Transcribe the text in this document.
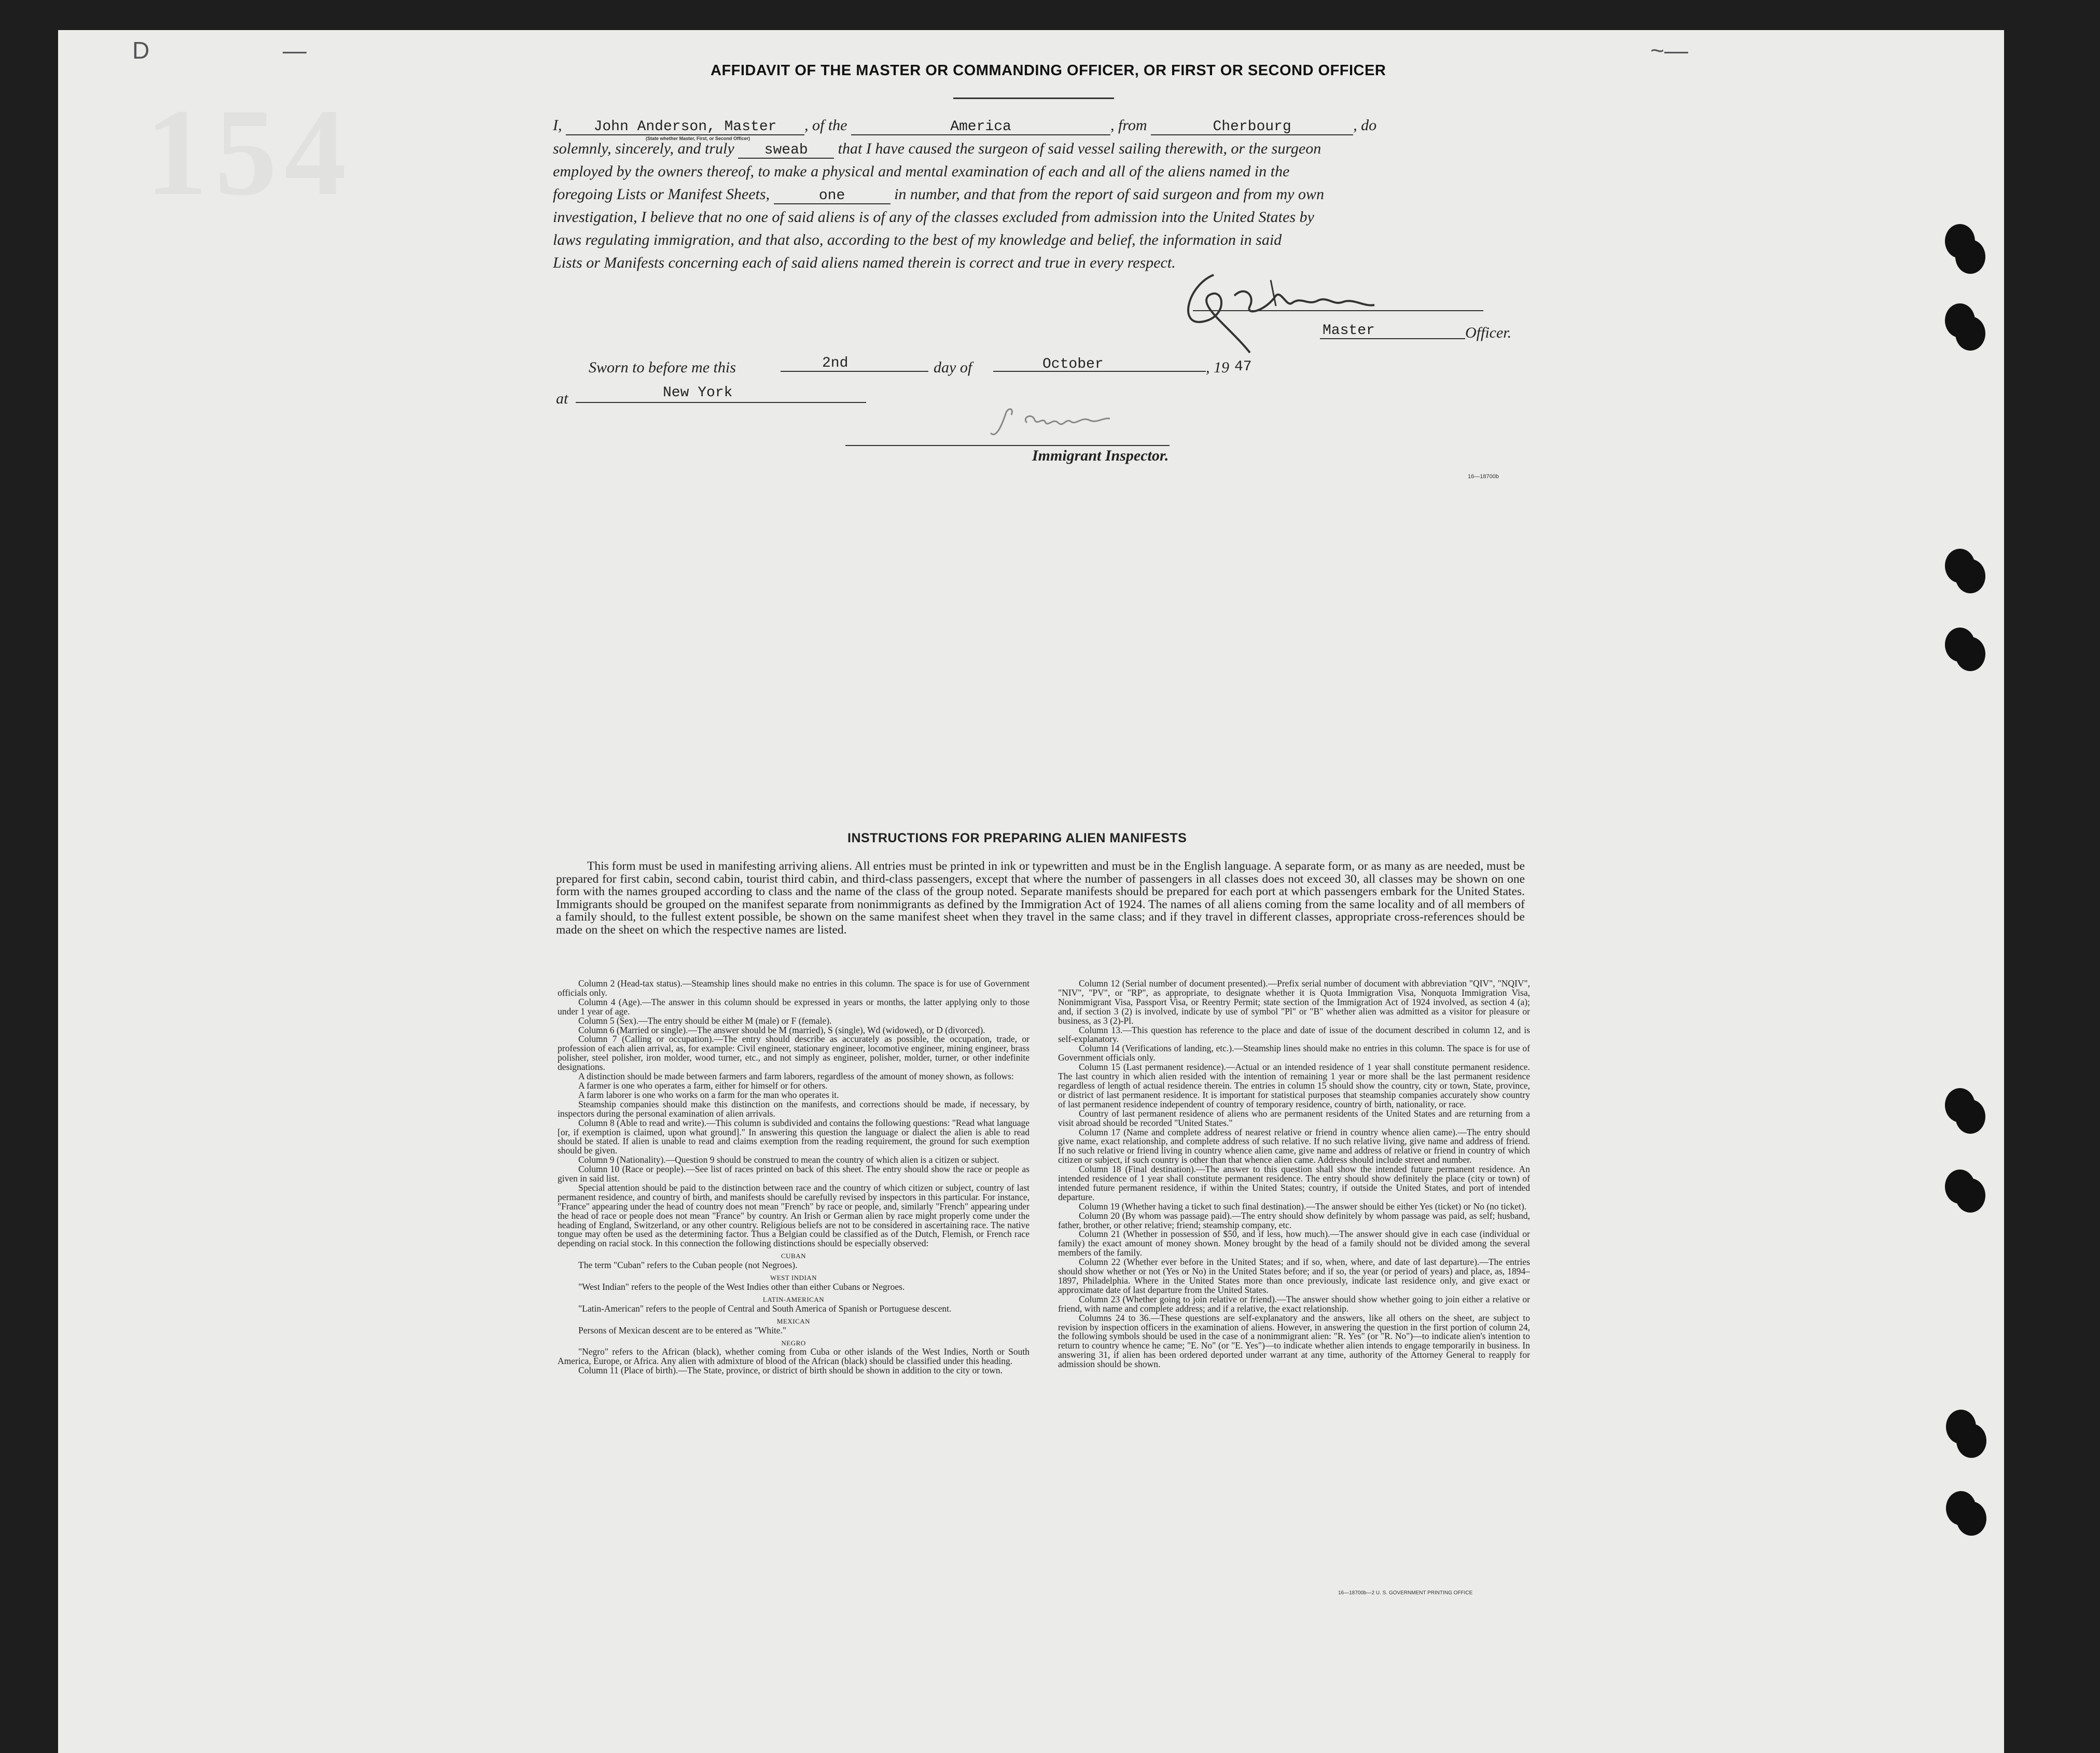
154
D	—	~—
AFFIDAVIT OF THE MASTER OR COMMANDING OFFICER, OR FIRST OR SECOND OFFICER
I, John Anderson, Master , of the	America	, from	Cherbourg	, do
(State whether Master, First, or Second Officer)
solemnly, sincerely, and truly sweab that I have caused the surgeon of said vessel sailing therewith, or the surgeon
employed by the owners thereof, to make a physical and mental examination of each and all of the aliens named in the
foregoing Lists or Manifest Sheets,	one	in number, and that from the report of said surgeon and from my own
investigation, I believe that no one of said aliens is of any of the classes excluded from admission into the United States by
laws regulating immigration, and that also, according to the best of my knowledge and belief, the information in said
Lists or Manifests concerning each of said aliens named therein is correct and true in every respect.
Master	Officer.
Sworn to before me this	2nd	day of	October	, 19 47
at	New York
Immigrant Inspector.
16—18700b
INSTRUCTIONS FOR PREPARING ALIEN MANIFESTS
This form must be used in manifesting arriving aliens. All entries must be printed in ink or typewritten and must be in the English language. A separate form, or as many as are needed, must be prepared for first cabin, second cabin, tourist third cabin, and third-class passengers, except that where the number of passengers in all classes does not exceed 30, all classes may be shown on one form with the names grouped according to class and the name of the class of the group noted. Separate manifests should be prepared for each port at which passengers embark for the United States. Immigrants should be grouped on the manifest separate from nonimmigrants as defined by the Immigration Act of 1924. The names of all aliens coming from the same locality and of all members of a family should, to the fullest extent possible, be shown on the same manifest sheet when they travel in the same class; and if they travel in different classes, appropriate cross-references should be made on the sheet on which the respective names are listed.

Column 2 (Head-tax status).—Steamship lines should make no entries in this column. The space is for use of Government officials only.

Column 4 (Age).—The answer in this column should be expressed in years or months, the latter applying only to those under 1 year of age.

Column 5 (Sex).—The entry should be either M (male) or F (female).

Column 6 (Married or single).—The answer should be M (married), S (single), Wd (widowed), or D (divorced).

Column 7 (Calling or occupation).—The entry should describe as accurately as possible, the occupation, trade, or profession of each alien arrival, as, for example: Civil engineer, stationary engineer, locomotive engineer, mining engineer, brass polisher, steel polisher, iron molder, wood turner, etc., and not simply as engineer, polisher, molder, turner, or other indefinite designations.

A distinction should be made between farmers and farm laborers, regardless of the amount of money shown, as follows:

A farmer is one who operates a farm, either for himself or for others.

A farm laborer is one who works on a farm for the man who operates it.

Steamship companies should make this distinction on the manifests, and corrections should be made, if necessary, by inspectors during the personal examination of alien arrivals.

Column 8 (Able to read and write).—This column is subdivided and contains the following questions: "Read what language [or, if exemption is claimed, upon what ground]." In answering this question the language or dialect the alien is able to read should be stated. If alien is unable to read and claims exemption from the reading requirement, the ground for such exemption should be given.

Column 9 (Nationality).—Question 9 should be construed to mean the country of which alien is a citizen or subject.

Column 10 (Race or people).—See list of races printed on back of this sheet. The entry should show the race or people as given in said list.

Special attention should be paid to the distinction between race and the country of which citizen or subject, country of last permanent residence, and country of birth, and manifests should be carefully revised by inspectors in this particular. For instance, "France" appearing under the head of country does not mean "French" by race or people, and, similarly "French" appearing under the head of race or people does not mean "France" by country. An Irish or German alien by race might properly come under the heading of England, Switzerland, or any other country. Religious beliefs are not to be considered in ascertaining race. The native tongue may often be used as the determining factor. Thus a Belgian could be classified as of the Dutch, Flemish, or French race depending on racial stock. In this connection the following distinctions should be especially observed:

CUBAN

The term "Cuban" refers to the Cuban people (not Negroes).

WEST INDIAN

"West Indian" refers to the people of the West Indies other than either Cubans or Negroes.

LATIN-AMERICAN

"Latin-American" refers to the people of Central and South America of Spanish or Portuguese descent.

MEXICAN

Persons of Mexican descent are to be entered as "White."

NEGRO

"Negro" refers to the African (black), whether coming from Cuba or other islands of the West Indies, North or South America, Europe, or Africa. Any alien with admixture of blood of the African (black) should be classified under this heading.

Column 11 (Place of birth).—The State, province, or district of birth should be shown in addition to the city or town.

Column 12 (Serial number of document presented).—Prefix serial number of document with abbreviation "QIV", "NQIV", "NIV", "PV", or "RP", as appropriate, to designate whether it is Quota Immigration Visa, Nonquota Immigration Visa, Nonimmigrant Visa, Passport Visa, or Reentry Permit; state section of the Immigration Act of 1924 involved, as section 4 (a); and, if section 3 (2) is involved, indicate by use of symbol "Pl" or "B" whether alien was admitted as a visitor for pleasure or business, as 3 (2)-Pl.

Column 13.—This question has reference to the place and date of issue of the document described in column 12, and is self-explanatory.

Column 14 (Verifications of landing, etc.).—Steamship lines should make no entries in this column. The space is for use of Government officials only.

Column 15 (Last permanent residence).—Actual or an intended residence of 1 year shall constitute permanent residence. The last country in which alien resided with the intention of remaining 1 year or more shall be the last permanent residence regardless of length of actual residence therein. The entries in column 15 should show the country, city or town, State, province, or district of last permanent residence. It is important for statistical purposes that steamship companies accurately show country of last permanent residence independent of country of temporary residence, country of birth, nationality, or race.

Country of last permanent residence of aliens who are permanent residents of the United States and are returning from a visit abroad should be recorded "United States."

Column 17 (Name and complete address of nearest relative or friend in country whence alien came).—The entry should give name, exact relationship, and complete address of such relative. If no such relative living, give name and address of friend. If no such relative or friend living in country whence alien came, give name and address of relative or friend in country of which citizen or subject, if such country is other than that whence alien came. Address should include street and number.

Column 18 (Final destination).—The answer to this question shall show the intended future permanent residence. An intended residence of 1 year shall constitute permanent residence. The entry should show definitely the place (city or town) of intended future permanent residence, if within the United States; country, if outside the United States, and port of intended departure.

Column 19 (Whether having a ticket to such final destination).—The answer should be either Yes (ticket) or No (no ticket).

Column 20 (By whom was passage paid).—The entry should show definitely by whom passage was paid, as self; husband, father, brother, or other relative; friend; steamship company, etc.

Column 21 (Whether in possession of $50, and if less, how much).—The answer should give in each case (individual or family) the exact amount of money shown. Money brought by the head of a family should not be divided among the several members of the family.

Column 22 (Whether ever before in the United States; and if so, when, where, and date of last departure).—The entries should show whether or not (Yes or No) in the United States before; and if so, the year (or period of years) and place, as, 1894–1897, Philadelphia. Where in the United States more than once previously, indicate last residence only, and give exact or approximate date of last departure from the United States.

Column 23 (Whether going to join relative or friend).—The answer should show whether going to join either a relative or friend, with name and complete address; and if a relative, the exact relationship.

Columns 24 to 36.—These questions are self-explanatory and the answers, like all others on the sheet, are subject to revision by inspection officers in the examination of aliens. However, in answering the question in the first portion of column 24, the following symbols should be used in the case of a nonimmigrant alien: "R. Yes" (or "R. No")—to indicate alien's intention to return to country whence he came; "E. No" (or "E. Yes")—to indicate whether alien intends to engage temporarily in business. In answering 31, if alien has been ordered deported under warrant at any time, authority of the Attorney General to reapply for admission should be shown.

16—18700b—2 U. S. GOVERNMENT PRINTING OFFICE
